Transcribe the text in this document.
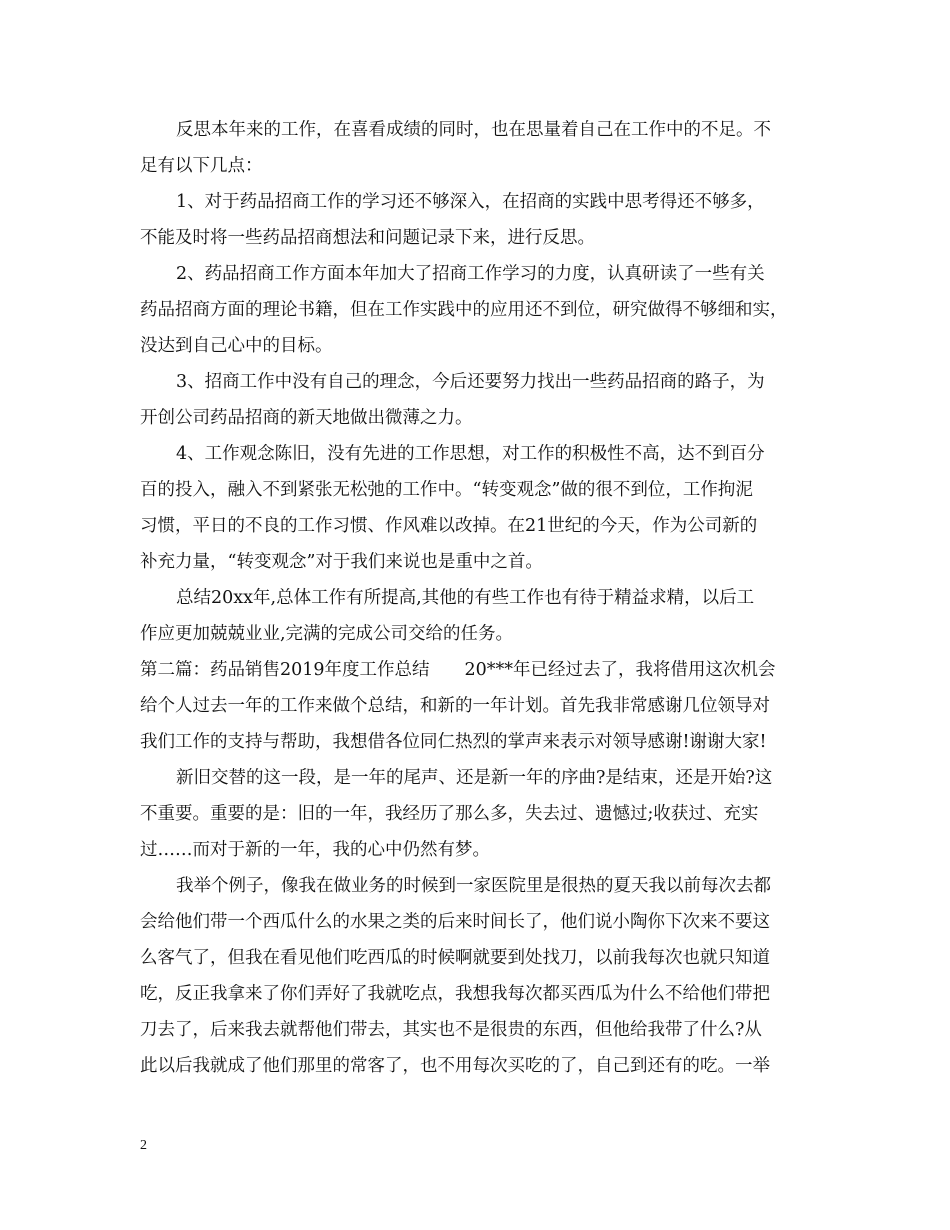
反思本年来的工作，在喜看成绩的同时，也在思量着自己在工作中的不足。不
足有以下几点：
1、对于药品招商工作的学习还不够深入，在招商的实践中思考得还不够多，
不能及时将一些药品招商想法和问题记录下来，进行反思。
2、药品招商工作方面本年加大了招商工作学习的力度，认真研读了一些有关
药品招商方面的理论书籍，但在工作实践中的应用还不到位，研究做得不够细和实，
没达到自己心中的目标。
3、招商工作中没有自己的理念，今后还要努力找出一些药品招商的路子，为
开创公司药品招商的新天地做出微薄之力。
4、工作观念陈旧，没有先进的工作思想，对工作的积极性不高，达不到百分
百的投入，融入不到紧张无松弛的工作中。“转变观念”做的很不到位，工作拘泥
习惯，平日的不良的工作习惯、作风难以改掉。在21世纪的今天，作为公司新的
补充力量，“转变观念”对于我们来说也是重中之首。
总结20xx年,总体工作有所提高,其他的有些工作也有待于精益求精，以后工
作应更加兢兢业业,完满的完成公司交给的任务。
第二篇：药品销售2019年度工作总结　　20***年已经过去了，我将借用这次机会
给个人过去一年的工作来做个总结，和新的一年计划。首先我非常感谢几位领导对
我们工作的支持与帮助，我想借各位同仁热烈的掌声来表示对领导感谢!谢谢大家!
新旧交替的这一段，是一年的尾声、还是新一年的序曲?是结束，还是开始?这
不重要。重要的是：旧的一年，我经历了那么多，失去过、遗憾过;收获过、充实
过……而对于新的一年，我的心中仍然有梦。
我举个例子，像我在做业务的时候到一家医院里是很热的夏天我以前每次去都
会给他们带一个西瓜什么的水果之类的后来时间长了，他们说小陶你下次来不要这
么客气了，但我在看见他们吃西瓜的时候啊就要到处找刀，以前我每次也就只知道
吃，反正我拿来了你们弄好了我就吃点，我想我每次都买西瓜为什么不给他们带把
刀去了，后来我去就帮他们带去，其实也不是很贵的东西，但他给我带了什么?从
此以后我就成了他们那里的常客了，也不用每次买吃的了，自己到还有的吃。一举
2
